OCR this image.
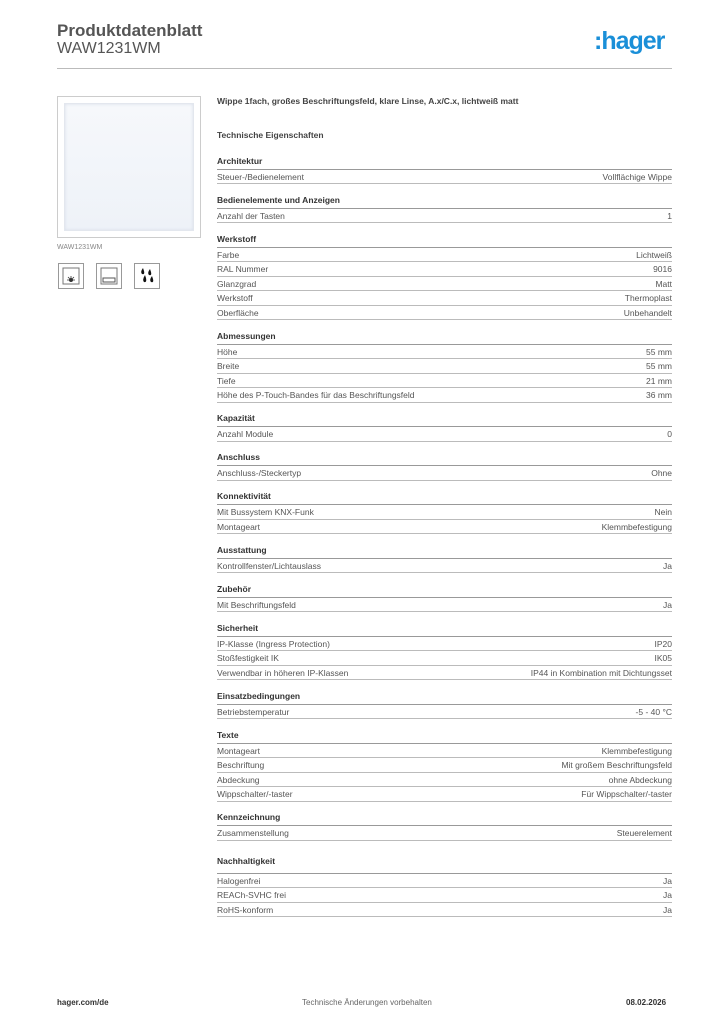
Produktdatenblatt
WAW1231WM	:hager
WAW1231WM
Wippe 1fach, großes Beschriftungsfeld, klare Linse, A.x/C.x, lichtweiß matt
Technische Eigenschaften
Architektur
Steuer-/Bedienelement	Vollflächige Wippe
Bedienelemente und Anzeigen
Anzahl der Tasten	1
Werkstoff
Farbe	Lichtweiß
RAL Nummer	9016
Glanzgrad	Matt
Werkstoff	Thermoplast
Oberfläche	Unbehandelt
Abmessungen
Höhe	55 mm
Breite	55 mm
Tiefe	21 mm
Höhe des P-Touch-Bandes für das Beschriftungsfeld	36 mm
Kapazität
Anzahl Module	0
Anschluss
Anschluss-/Steckertyp	Ohne
Konnektivität
Mit Bussystem KNX-Funk	Nein
Montageart	Klemmbefestigung
Ausstattung
Kontrollfenster/Lichtauslass	Ja
Zubehör
Mit Beschriftungsfeld	Ja
Sicherheit
IP-Klasse (Ingress Protection)	IP20
Stoßfestigkeit IK	IK05
Verwendbar in höheren IP-Klassen	IP44 in Kombination mit Dichtungsset
Einsatzbedingungen
Betriebstemperatur	-5 - 40 °C
Texte
Montageart	Klemmbefestigung
Beschriftung	Mit großem Beschriftungsfeld
Abdeckung	ohne Abdeckung
Wippschalter/-taster	Für Wippschalter/-taster
Kennzeichnung
Zusammenstellung	Steuerelement
Nachhaltigkeit
Halogenfrei	Ja
REACh-SVHC frei	Ja
RoHS-konform	Ja
hager.com/de	Technische Änderungen vorbehalten	08.02.2026
